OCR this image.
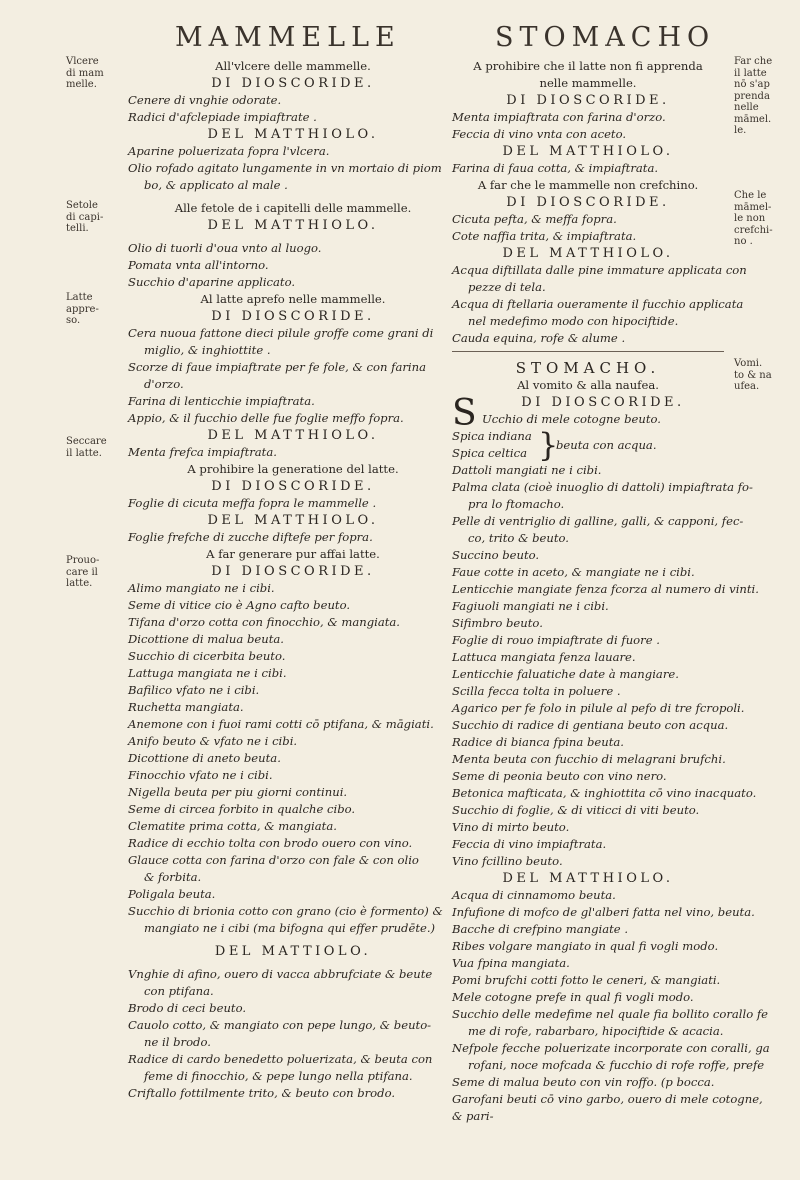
MAMMELLE	STOMACHO
Vlcere
di mam
melle.
Setole
di capi-
telli.
Latte
appre-
so.
Seccare
il latte.
Prouo-
care il
latte.
Far che
il latte
nō s'ap
prenda
nelle
māmel.
le.
Che le
māmel-
le non
crefchi-
no .
Vomi.
to & na
ufea.
All'vlcere delle mammelle.
DI DIOSCORIDE.
Cenere di vnghie odorate.
Radici d'afclepiade impiaftrate .
DEL MATTHIOLO.
Aparine poluerizata fopra l'vlcera.
Olio rofado agitato lungamente in vn mortaio di piom
bo, & applicato al male .
Alle fetole de i capitelli delle mammelle.
DEL MATTHIOLO.
Olio di tuorli d'oua vnto al luogo.
Pomata vnta all'intorno.
Succhio d'aparine applicato.
Al latte aprefo nelle mammelle.
DI DIOSCORIDE.
Cera nuoua fattone dieci pilule groffe come grani di
miglio, & inghiottite .
Scorze di faue impiaftrate per fe fole, & con farina
d'orzo.
Farina di lenticchie impiaftrata.
Appio, & il fucchio delle fue foglie meffo fopra.
DEL MATTHIOLO.
Menta frefca impiaftrata.
A prohibire la generatione del latte.
DI DIOSCORIDE.
Foglie di cicuta meffa fopra le mammelle .
DEL MATTHIOLO.
Foglie frefche di zucche diftefe per fopra.
A far generare pur affai latte.
DI DIOSCORIDE.
Alimo mangiato ne i cibi.
Seme di vitice cio è Agno cafto beuto.
Tifana d'orzo cotta con finocchio, & mangiata.
Dicottione di malua beuta.
Succhio di cicerbita beuto.
Lattuga mangiata ne i cibi.
Bafilico vfato ne i cibi.
Ruchetta mangiata.
Anemone con i fuoi rami cotti cō ptifana, & māgiati.
Anifo beuto & vfato ne i cibi.
Dicottione di aneto beuta.
Finocchio vfato ne i cibi.
Nigella beuta per piu giorni continui.
Seme di circea forbito in qualche cibo.
Clematite prima cotta, & mangiata.
Radice di ecchio tolta con brodo ouero con vino.
Glauce cotta con farina d'orzo con fale & con olio
& forbita.
Poligala beuta.
Succhio di brionia cotto con grano (cio è formento) &
mangiato ne i cibi (ma bifogna qui effer prudēte.)
DEL MATTIOLO.
Vnghie di afino, ouero di vacca abbrufciate & beute
con ptifana.
Brodo di ceci beuto.
Cauolo cotto, & mangiato con pepe lungo, & beuto-
ne il brodo.
Radice di cardo benedetto poluerizata, & beuta con
feme di finocchio, & pepe lungo nella ptifana.
Criftallo fottilmente trito, & beuto con brodo.
A prohibire che il latte non fi apprenda
nelle mammelle.
DI DIOSCORIDE.
Menta impiaftrata con farina d'orzo.
Feccia di vino vnta con aceto.
DEL MATTHIOLO.
Farina di faua cotta, & impiaftrata.
A far che le mammelle non crefchino.
DI DIOSCORIDE.
Cicuta pefta, & meffa fopra.
Cote naffia trita, & impiaftrata.
DEL MATTHIOLO.
Acqua diftillata dalle pine immature applicata con
pezze di tela.
Acqua di ftellaria oueramente il fucchio applicata
nel medefimo modo con hipociftide.
Cauda equina, rofe & alume .
STOMACHO.
Al vomito & alla naufea.
S	DI DIOSCORIDE.
Ucchio di mele cotogne beuto.
Spica indiana
Spica celtica }
beuta con acqua.
Dattoli mangiati ne i cibi.
Palma clata (cioè inuoglio di dattoli) impiaftrata fo-
pra lo ftomacho.
Pelle di ventriglio di galline, galli, & capponi, fec-
co, trito & beuto.
Succino beuto.
Faue cotte in aceto, & mangiate ne i cibi.
Lenticchie mangiate fenza fcorza al numero di vinti.
Fagiuoli mangiati ne i cibi.
Sifimbro beuto.
Foglie di rouo impiaftrate di fuore .
Lattuca mangiata fenza lauare.
Lenticchie faluatiche date à mangiare.
Scilla fecca tolta in poluere .
Agarico per fe folo in pilule al pefo di tre fcropoli.
Succhio di radice di gentiana beuto con acqua.
Radice di bianca fpina beuta.
Menta beuta con fucchio di melagrani brufchi.
Seme di peonia beuto con vino nero.
Betonica mafticata, & inghiottita cō vino inacquato.
Succhio di foglie, & di viticci di viti beuto.
Vino di mirto beuto.
Feccia di vino impiaftrata.
Vino fcillino beuto.
DEL MATTHIOLO.
Acqua di cinnamomo beuta.
Infufione di mofco de gl'alberi fatta nel vino, beuta.
Bacche di crefpino mangiate .
Ribes volgare mangiato in qual fi vogli modo.
Vua fpina mangiata.
Pomi brufchi cotti fotto le ceneri, & mangiati.
Mele cotogne prefe in qual fi vogli modo.
Succhio delle medefime nel quale fia bollito corallo fe
me di rofe, rabarbaro, hipociftide & acacia.
Nefpole fecche poluerizate incorporate con coralli, ga
rofani, noce mofcada & fucchio di rofe roffe, prefe
Seme di malua beuto con vin roffo. (p bocca.
Garofani beuti cō vino garbo, ouero di mele cotogne,
& pari-
